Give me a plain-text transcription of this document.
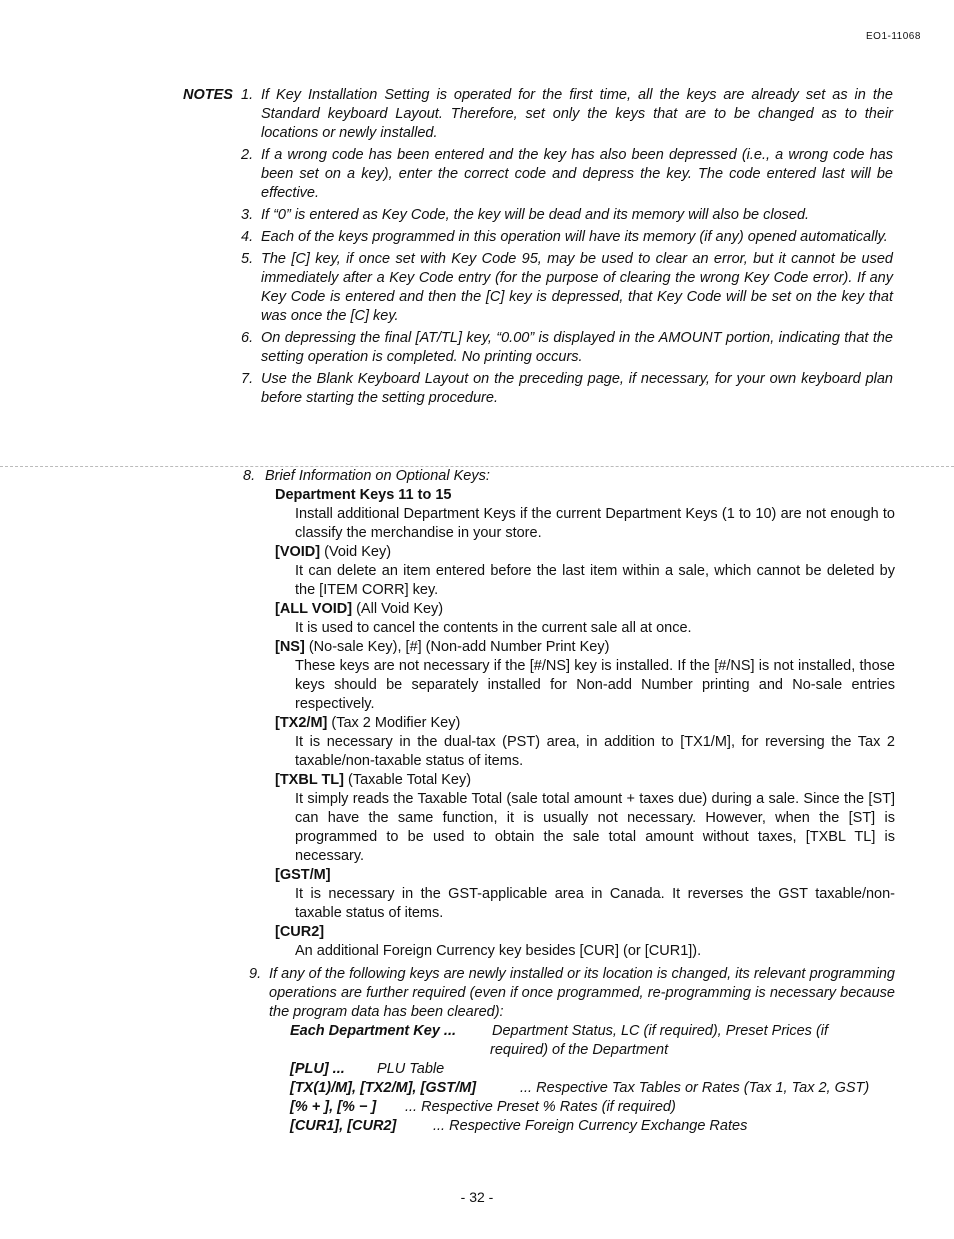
EO1-11068
NOTES 1. If Key Installation Setting is operated for the first time, all the keys are already set as in the Standard keyboard Layout. Therefore, set only the keys that are to be changed as to their locations or newly installed.
2. If a wrong code has been entered and the key has also been depressed (i.e., a wrong code has been set on a key), enter the correct code and depress the key. The code entered last will be effective.
3. If “0” is entered as Key Code, the key will be dead and its memory will also be closed.
4. Each of the keys programmed in this operation will have its memory (if any) opened automatically.
5. The [C] key, if once set with Key Code 95, may be used to clear an error, but it cannot be used immediately after a Key Code entry (for the purpose of clearing the wrong Key Code error). If any Key Code is entered and then the [C] key is depressed, that Key Code will be set on the key that was once the [C] key.
6. On depressing the final [AT/TL] key, “0.00” is displayed in the AMOUNT portion, indicating that the setting operation is completed. No printing occurs.
7. Use the Blank Keyboard Layout on the preceding page, if necessary, for your own keyboard plan before starting the setting procedure.
8. Brief Information on Optional Keys:
Department Keys 11 to 15
Install additional Department Keys if the current Department Keys (1 to 10) are not enough to classify the merchandise in your store.
[VOID] (Void Key)
It can delete an item entered before the last item within a sale, which cannot be deleted by the [ITEM CORR] key.
[ALL VOID] (All Void Key)
It is used to cancel the contents in the current sale all at once.
[NS] (No-sale Key), [#] (Non-add Number Print Key)
These keys are not necessary if the [#/NS] key is installed. If the [#/NS] is not installed, those keys should be separately installed for Non-add Number printing and No-sale entries respectively.
[TX2/M] (Tax 2 Modifier Key)
It is necessary in the dual-tax (PST) area, in addition to [TX1/M], for reversing the Tax 2 taxable/non-taxable status of items.
[TXBL TL] (Taxable Total Key)
It simply reads the Taxable Total (sale total amount + taxes due) during a sale. Since the [ST] can have the same function, it is usually not necessary. However, when the [ST] is programmed to be used to obtain the sale total amount without taxes, [TXBL TL] is necessary.
[GST/M]
It is necessary in the GST-applicable area in Canada. It reverses the GST taxable/non-taxable status of items.
[CUR2]
An additional Foreign Currency key besides [CUR] (or [CUR1]).
9. If any of the following keys are newly installed or its location is changed, its relevant programming operations are further required (even if once programmed, re-programming is necessary because the program data has been cleared):
Each Department Key ... Department Status, LC (if required), Preset Prices (if
required) of the Department
[PLU] ... PLU Table
[TX(1)/M], [TX2/M], [GST/M]	... Respective Tax Tables or Rates (Tax 1, Tax 2, GST)
[% + ], [% − ] ... Respective Preset % Rates (if required)
[CUR1], [CUR2]	... Respective Foreign Currency Exchange Rates
- 32 -
